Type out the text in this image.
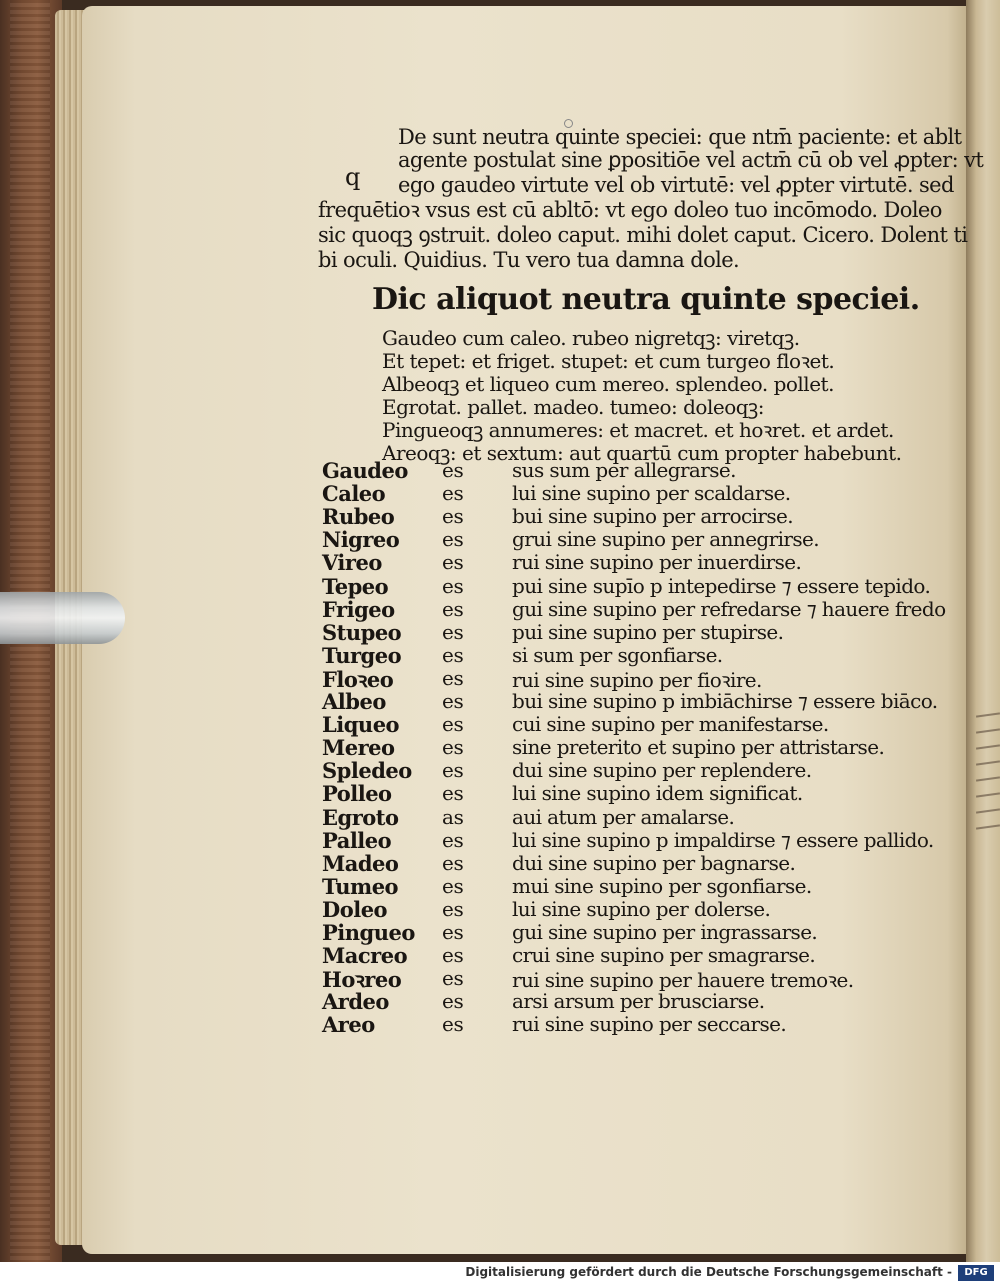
q
De sunt neutra quinte speciei: que ntm̄ paciente: et ablt
agente postulat sine ꝑpositiōe vel actm̄ cū ob vel ꝓpter: vt
ego gaudeo virtute vel ob virtutē: vel ꝓpter virtutē. sed
frequētioꝛ vsus est cū abltō: vt ego doleo tuo incōmodo. Doleo
sic quoqꝫ ꝯstruit. doleo caput. mihi dolet caput. Cicero. Dolent ti
bi oculi. Quidius. Tu vero tua damna dole.
Dic aliquot neutra quinte speciei.
Gaudeo cum caleo. rubeo nigretqꝫ: viretqꝫ.
Et tepet: et friget. stupet: et cum turgeo floꝛet.
Albeoqꝫ et liqueo cum mereo. splendeo. pollet.
Egrotat. pallet. madeo. tumeo: doleoqꝫ:
Pingueoqꝫ annumeres: et macret. et hoꝛret. et ardet.
Areoqꝫ: et sextum: aut quartū cum propter habebunt.
Gaudeo es sus sum per allegrarse.
Caleo	es lui sine supino per scaldarse.
Rubeo es bui sine supino per arrocirse.
Nigreo es grui sine supino per annegrirse.
Vireo	es rui sine supino per inuerdirse.
Tepeo	es pui sine supīo p intepedirse ⁊ essere tepido.
Frigeo es gui sine supino per refredarse ⁊ hauere fredo
Stupeo es pui sine supino per stupirse.
Turgeo es si sum per sgonfiarse.
Floꝛeo es rui sine supino per fioꝛire.
Albeo	es bui sine supino p imbiāchirse ⁊ essere biāco.
Liqueo es cui sine supino per manifestarse.
Mereo es sine preterito et supino per attristarse.
Spledeo es dui sine supino per replendere.
Polleo	es lui sine supino idem significat.
Egroto as aui atum per amalarse.
Palleo	es lui sine supino p impaldirse ⁊ essere pallido.
Madeo es dui sine supino per bagnarse.
Tumeo es mui sine supino per sgonfiarse.
Doleo	es lui sine supino per dolerse.
Pingueo es gui sine supino per ingrassarse.
Macreo es crui sine supino per smagrarse.
Hoꝛreo es rui sine supino per hauere tremoꝛe.
Ardeo	es arsi arsum per brusciarse.
Areo	es rui sine supino per seccarse.
Digitalisierung gefördert durch die Deutsche Forschungsgemeinschaft -	DFG
